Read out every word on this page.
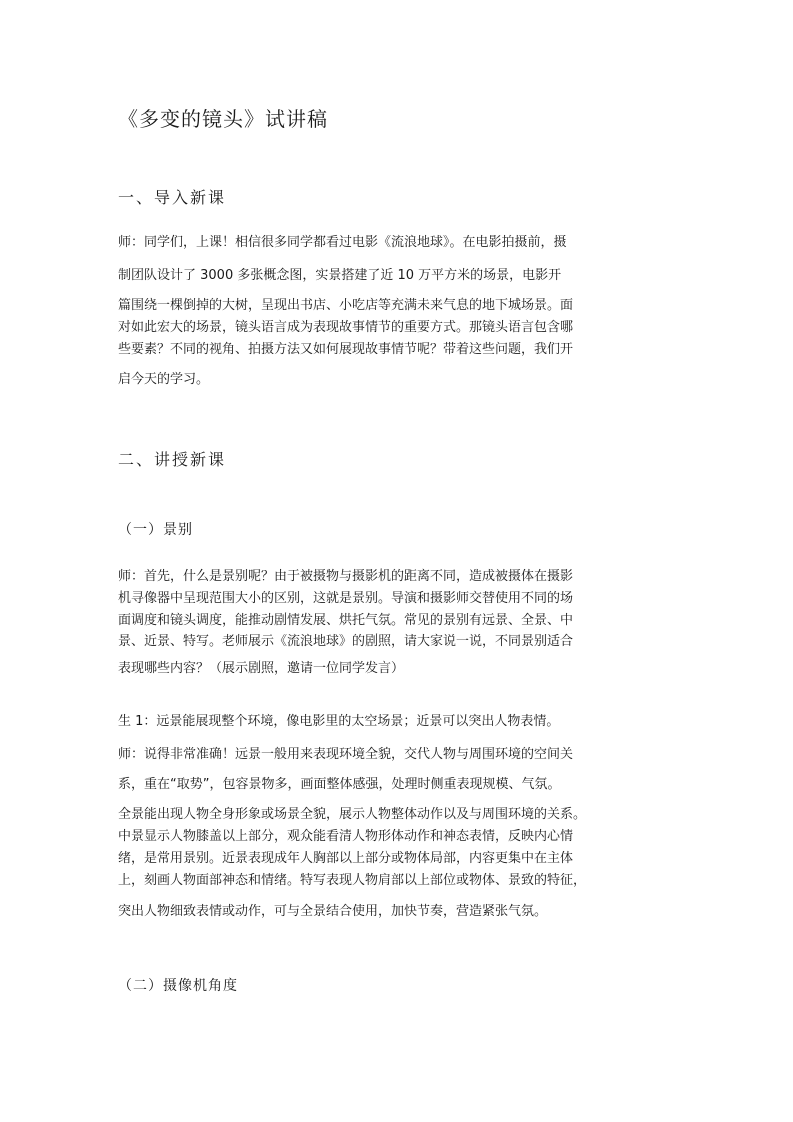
《多变的镜头》试讲稿
一、导入新课
师：同学们，上课！相信很多同学都看过电影《流浪地球》。在电影拍摄前，摄
制团队设计了 3000 多张概念图，实景搭建了近 10 万平方米的场景，电影开
篇围绕一棵倒掉的大树，呈现出书店、小吃店等充满未来气息的地下城场景。面
对如此宏大的场景，镜头语言成为表现故事情节的重要方式。那镜头语言包含哪
些要素？不同的视角、拍摄方法又如何展现故事情节呢？带着这些问题，我们开
启今天的学习。
二、讲授新课
（一）景别
师：首先，什么是景别呢？由于被摄物与摄影机的距离不同，造成被摄体在摄影
机寻像器中呈现范围大小的区别，这就是景别。导演和摄影师交替使用不同的场
面调度和镜头调度，能推动剧情发展、烘托气氛。常见的景别有远景、全景、中
景、近景、特写。老师展示《流浪地球》的剧照，请大家说一说，不同景别适合
表现哪些内容？（展示剧照，邀请一位同学发言）
生 1：远景能展现整个环境，像电影里的太空场景；近景可以突出人物表情。
师：说得非常准确！远景一般用来表现环境全貌，交代人物与周围环境的空间关
系，重在“取势”，包容景物多，画面整体感强，处理时侧重表现规模、气氛。
全景能出现人物全身形象或场景全貌，展示人物整体动作以及与周围环境的关系。
中景显示人物膝盖以上部分，观众能看清人物形体动作和神态表情，反映内心情
绪，是常用景别。近景表现成年人胸部以上部分或物体局部，内容更集中在主体
上，刻画人物面部神态和情绪。特写表现人物肩部以上部位或物体、景致的特征，
突出人物细致表情或动作，可与全景结合使用，加快节奏，营造紧张气氛。
（二）摄像机角度
